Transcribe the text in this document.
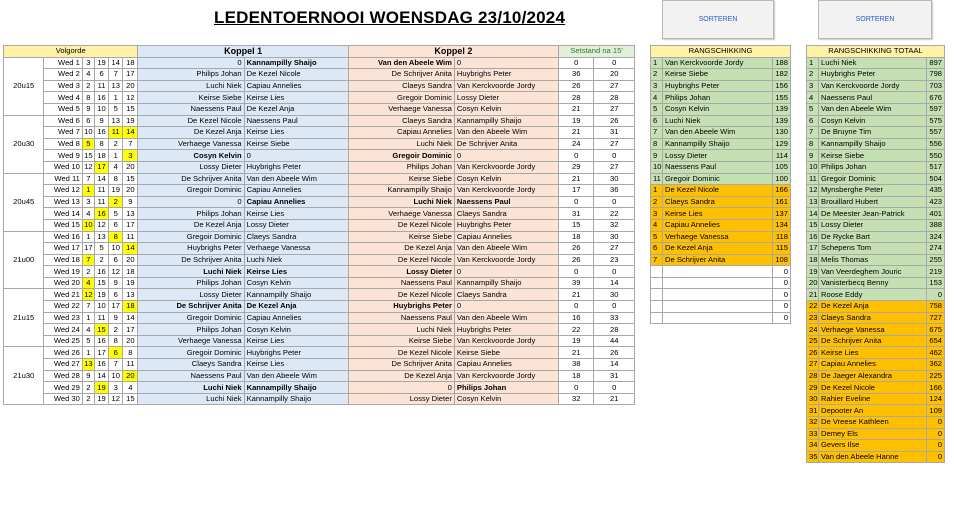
LEDENTOERNOOI WOENSDAG 23/10/2024	SORTEREN	SORTEREN
Volgorde						Koppel 1		Koppel 2		Setstand na 15'	
20u15	Wed 1	3	19	14	18	0	Kannampilly Shaijo	Van den Abeele Wim	0	0	0
	Wed 2	4	6	7	17	Philips Johan	De Kezel Nicole	De Schrijver Anita	Huybrighs Peter	36	20
	Wed 3	2	11	13	20	Luchi Niek	Capiau Annelies	Claeys Sandra	Van Kerckvoorde Jordy	26	27
	Wed 4	8	16	1	12	Keirse Siebe	Keirse Lies	Gregoir Dominic	Lossy Dieter	28	28
	Wed 5	9	10	5	15	Naessens Paul	De Kezel Anja	Verhaege Vanessa	Cosyn Kelvin	21	27
20u30	Wed 6	6	9	13	19	De Kezel Nicole	Naessens Paul	Claeys Sandra	Kannampilly Shaijo	19	26
	Wed 7	10	16	11	14	De Kezel Anja	Keirse Lies	Capiau Annelies	Van den Abeele Wim	21	31
	Wed 8	5	8	2	7	Verhaege Vanessa	Keirse Siebe	Luchi Niek	De Schrijver Anita	24	27
	Wed 9	15	18	1	3	Cosyn Kelvin	0	Gregoir Dominic	0	0	0
	Wed 10	12	17	4	20	Lossy Dieter	Huybrighs Peter	Philips Johan	Van Kerckvoorde Jordy	29	27
20u45	Wed 11	7	14	8	15	De Schrijver Anita	Van den Abeele Wim	Keirse Siebe	Cosyn Kelvin	21	30
	Wed 12	1	11	19	20	Gregoir Dominic	Capiau Annelies	Kannampilly Shaijo	Van Kerckvoorde Jordy	17	36
	Wed 13	3	11	2	9	0	Capiau Annelies	Luchi Niek	Naessens Paul	0	0
	Wed 14	4	16	5	13	Philips Johan	Keirse Lies	Verhaege Vanessa	Claeys Sandra	31	22
	Wed 15	10	12	6	17	De Kezel Anja	Lossy Dieter	De Kezel Nicole	Huybrighs Peter	15	32
21u00	Wed 16	1	13	8	11	Gregoir Dominic	Claeys Sandra	Keirse Siebe	Capiau Annelies	18	30
	Wed 17	17	5	10	14	Huybrighs Peter	Verhaege Vanessa	De Kezel Anja	Van den Abeele Wim	26	27
	Wed 18	7	2	6	20	De Schrijver Anita	Luchi Niek	De Kezel Nicole	Van Kerckvoorde Jordy	26	23
	Wed 19	2	16	12	18	Luchi Niek	Keirse Lies	Lossy Dieter	0	0	0
	Wed 20	4	15	9	19	Philips Johan	Cosyn Kelvin	Naessens Paul	Kannampilly Shaijo	39	14
21u15	Wed 21	12	19	6	13	Lossy Dieter	Kannampilly Shaijo	De Kezel Nicole	Claeys Sandra	21	30
	Wed 22	7	10	17	18	De Schrijver Anita	De Kezel Anja	Huybrighs Peter	0	0	0
	Wed 23	1	11	9	14	Gregoir Dominic	Capiau Annelies	Naessens Paul	Van den Abeele Wim	16	33
	Wed 24	4	15	2	17	Philips Johan	Cosyn Kelvin	Luchi Niek	Huybrighs Peter	22	28
	Wed 25	5	16	8	20	Verhaege Vanessa	Keirse Lies	Keirse Siebe	Van Kerckvoorde Jordy	19	44
21u30	Wed 26	1	17	6	8	Gregoir Dominic	Huybrighs Peter	De Kezel Nicole	Keirse Siebe	21	26
	Wed 27	13	16	7	11	Claeys Sandra	Keirse Lies	De Schrijver Anita	Capiau Annelies	38	14
	Wed 28	9	14	10	20	Naessens Paul	Van den Abeele Wim	De Kezel Anja	Van Kerckvoorde Jordy	18	31
	Wed 29	2	19	3	4	Luchi Niek	Kannampilly Shaijo	0	Philips Johan	0	0
	Wed 30	2	19	12	15	Luchi Niek	Kannampilly Shaijo	Lossy Dieter	Cosyn Kelvin	32	21
RANGSCHIKKING		
1	Van Kerckvoorde Jordy	188
2	Keirse Siebe	182
3	Huybrighs Peter	156
4	Philips Johan	155
5	Cosyn Kelvin	139
6	Luchi Niek	139
7	Van den Abeele Wim	130
8	Kannampilly Shaijo	129
9	Lossy Dieter	114
10	Naessens Paul	105
11	Gregoir Dominic	100
1	De Kezel Nicole	166
2	Claeys Sandra	161
3	Keirse Lies	137
4	Capiau Annelies	134
5	Verhaege Vanessa	118
6	De Kezel Anja	115
7	De Schrijver Anita	108
		0
		0
		0
		0
		0
RANGSCHIKKING TOTAAL		
1	Luchi Niek	897
2	Huybrighs Peter	798
3	Van Kerckvoorde Jordy	703
4	Naessens Paul	676
5	Van den Abeele Wim	597
6	Cosyn Kelvin	575
7	De Bruyne Tim	557
8	Kannampilly Shaijo	556
9	Keirse Siebe	550
10	Philips Johan	517
11	Gregoir Dominic	504
12	Mynsberghe Peter	435
13	Brouillard Hubert	423
14	De Meester Jean-Patrick	401
15	Lossy Dieter	388
16	De Rycke Bart	324
17	Schepens Tom	274
18	Melis Thomas	255
19	Van Veerdeghem Jouric	219
20	Vanisterbecq Benny	153
21	Roose Eddy	0
22	De Kezel Anja	758
23	Claeys Sandra	727
24	Verhaege Vanessa	675
25	De Schrijver Anita	654
26	Keirse Lies	462
27	Capiau Annelies	362
28	De Jaeger Alexandra	225
29	De Kezel Nicole	166
30	Rahier Eveline	124
31	Depooter An	109
32	De Vreese Kathleen	0
33	Demey Els	0
34	Gevers Ilse	0
35	Van den Abeele Hanne	0
